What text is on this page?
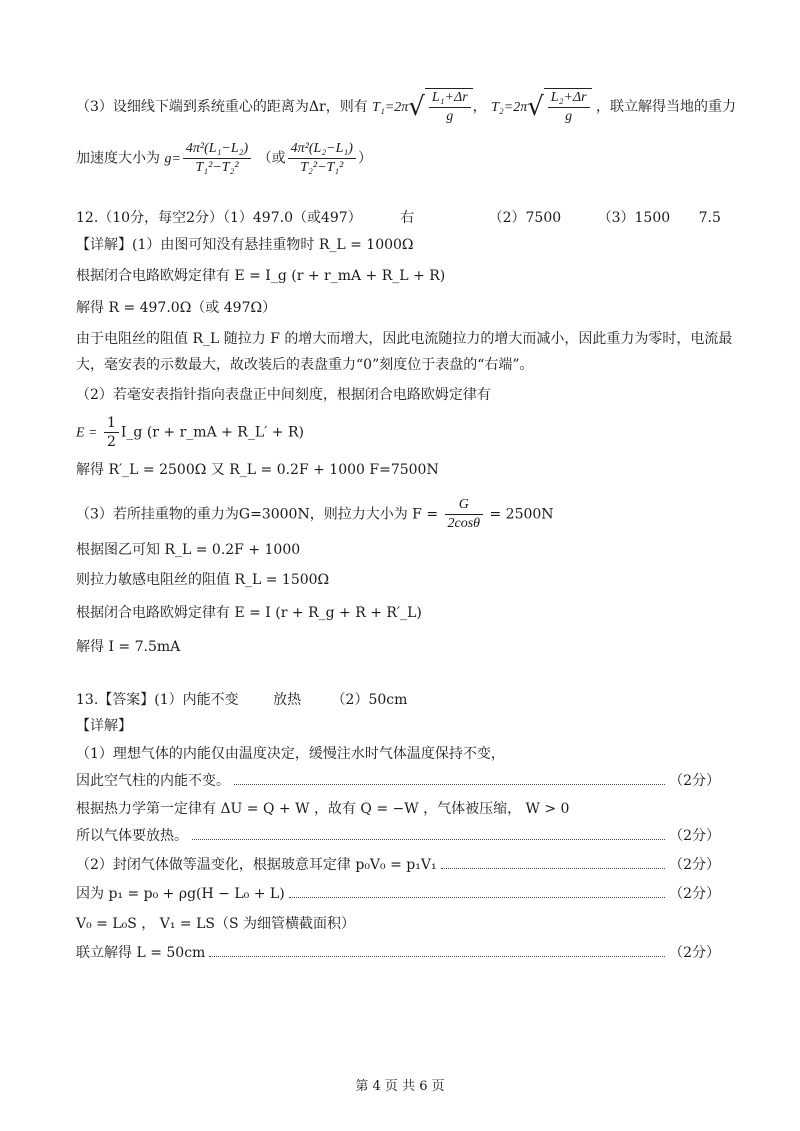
（3）设细线下端到系统重心的距离为Δr，则有 $T_1=2\pi√ \frac{\text{L₁+Δr}}{g}$ ， $T_2=2\pi√ \frac{\text{L₂+Δr}}{g}$ ，联立解得当地的重力
加速度大小为 $g= \frac{\text{4π²(L₁−L₂)}}{\text{T₁²−T₂²}}$ （或 $\frac{\text{4π²(L₂−L₁)}}{\text{T₂²−T₁²}}$ ）
12.（10分，每空2分）（1）497.0（或497）	右	（2）7500	（3）1500 7.5
【详解】(1）由图可知没有悬挂重物时 R_L = 1000Ω
根据闭合电路欧姆定律有 E = I_g (r + r_mA + R_L + R)
解得 R = 497.0Ω（或 497Ω）
由于电阻丝的阻值 R_L 随拉力 F 的增大而增大，因此电流随拉力的增大而减小，因此重力为零时，电流最
大，毫安表的示数最大，故改装后的表盘重力“0”刻度位于表盘的“右端”。
（2）若毫安表指针指向表盘正中间刻度，根据闭合电路欧姆定律有
$E = \frac{1}{2}$ I_g (r + r_mA + R_L′ + R)
解得 R′_L = 2500Ω 又 R_L = 0.2F + 1000 F=7500N
（3）若所挂重物的重力为G=3000N，则拉力大小为 $F = \frac{G}{2\cos\theta} = 2500N$
根据图乙可知 R_L = 0.2F + 1000
则拉力敏感电阻丝的阻值 R_L = 1500Ω
根据闭合电路欧姆定律有 E = I (r + R_g + R + R′_L)
解得 I = 7.5mA
13.【答案】(1）内能不变 放热 （2）50cm
【详解】
（1）理想气体的内能仅由温度决定，缓慢注水时气体温度保持不变，
因此空气柱的内能不变。	（2分）
根据热力学第一定律有 ΔU = Q + W ，故有 Q = −W ，气体被压缩， W > 0
所以气体要放热。	（2分）
（2）封闭气体做等温变化，根据玻意耳定律 p₀V₀ = p₁V₁	（2分）
因为 p₁ = p₀ + ρg(H − L₀ + L)	（2分）
V₀ = L₀S ， V₁ = LS（S 为细管横截面积）
联立解得 L = 50cm	（2分）
第 4 页 共 6 页
